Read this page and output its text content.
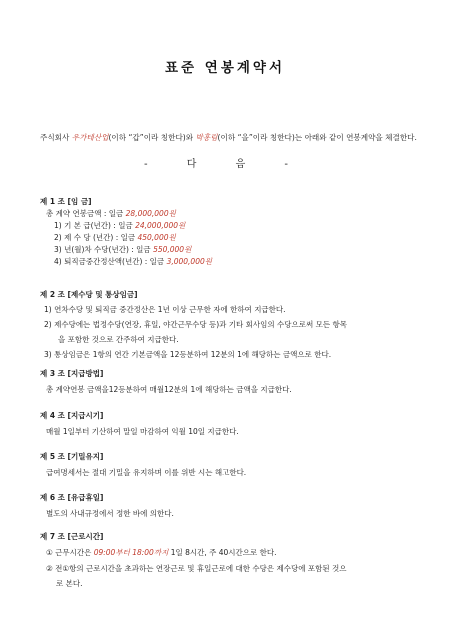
표준 연봉계약서
주식회사 우가테산업(이하 “갑”이라 칭한다)와 박홍림(이하 “을”이라 칭한다)는 아래와 같이 연봉계약을 체결한다.
- 다 음 -
제 1 조 [임 금]
총 계약 연봉금액 : 일금 28,000,000원
1) 기 본 급(년간) : 일금 24,000,000원
2) 제 수 당 (년간) : 일금 450,000원
3) 년(월)차 수당(년간) : 일금 550,000원
4) 퇴직금중간정산액(년간) : 일금 3,000,000원
제 2 조 [제수당 및 통상임금]
1) 연차수당 및 퇴직금 중간정산은 1년 이상 근무한 자에 한하여 지급한다.
2) 제수당에는 법정수당(연장, 휴일, 야간근무수당 등)과 기타 회사임의 수당으로써 모든 항목
을 포함한 것으로 간주하여 지급한다.
3) 통상임금은 1항의 연간 기본금액을 12등분하여 12분의 1에 해당하는 금액으로 한다.
제 3 조 [지급방법]
총 계약연봉 금액을12등분하여 매월12분의 1에 해당하는 금액을 지급한다.
제 4 조 [지급시기]
매월 1일부터 기산하여 말일 마감하여 익월 10일 지급한다.
제 5 조 [기밀유지]
급여명세서는 절대 기밀을 유지하며 이를 위반 시는 해고한다.
제 6 조 [유급휴일]
별도의 사내규정에서 정한 바에 의한다.
제 7 조 [근로시간]
① 근무시간은 09:00부터 18:00까지 1일 8시간, 주 40시간으로 한다.
② 전①항의 근로시간을 초과하는 연장근로 및 휴일근로에 대한 수당은 제수당에 포함된 것으
로 본다.
